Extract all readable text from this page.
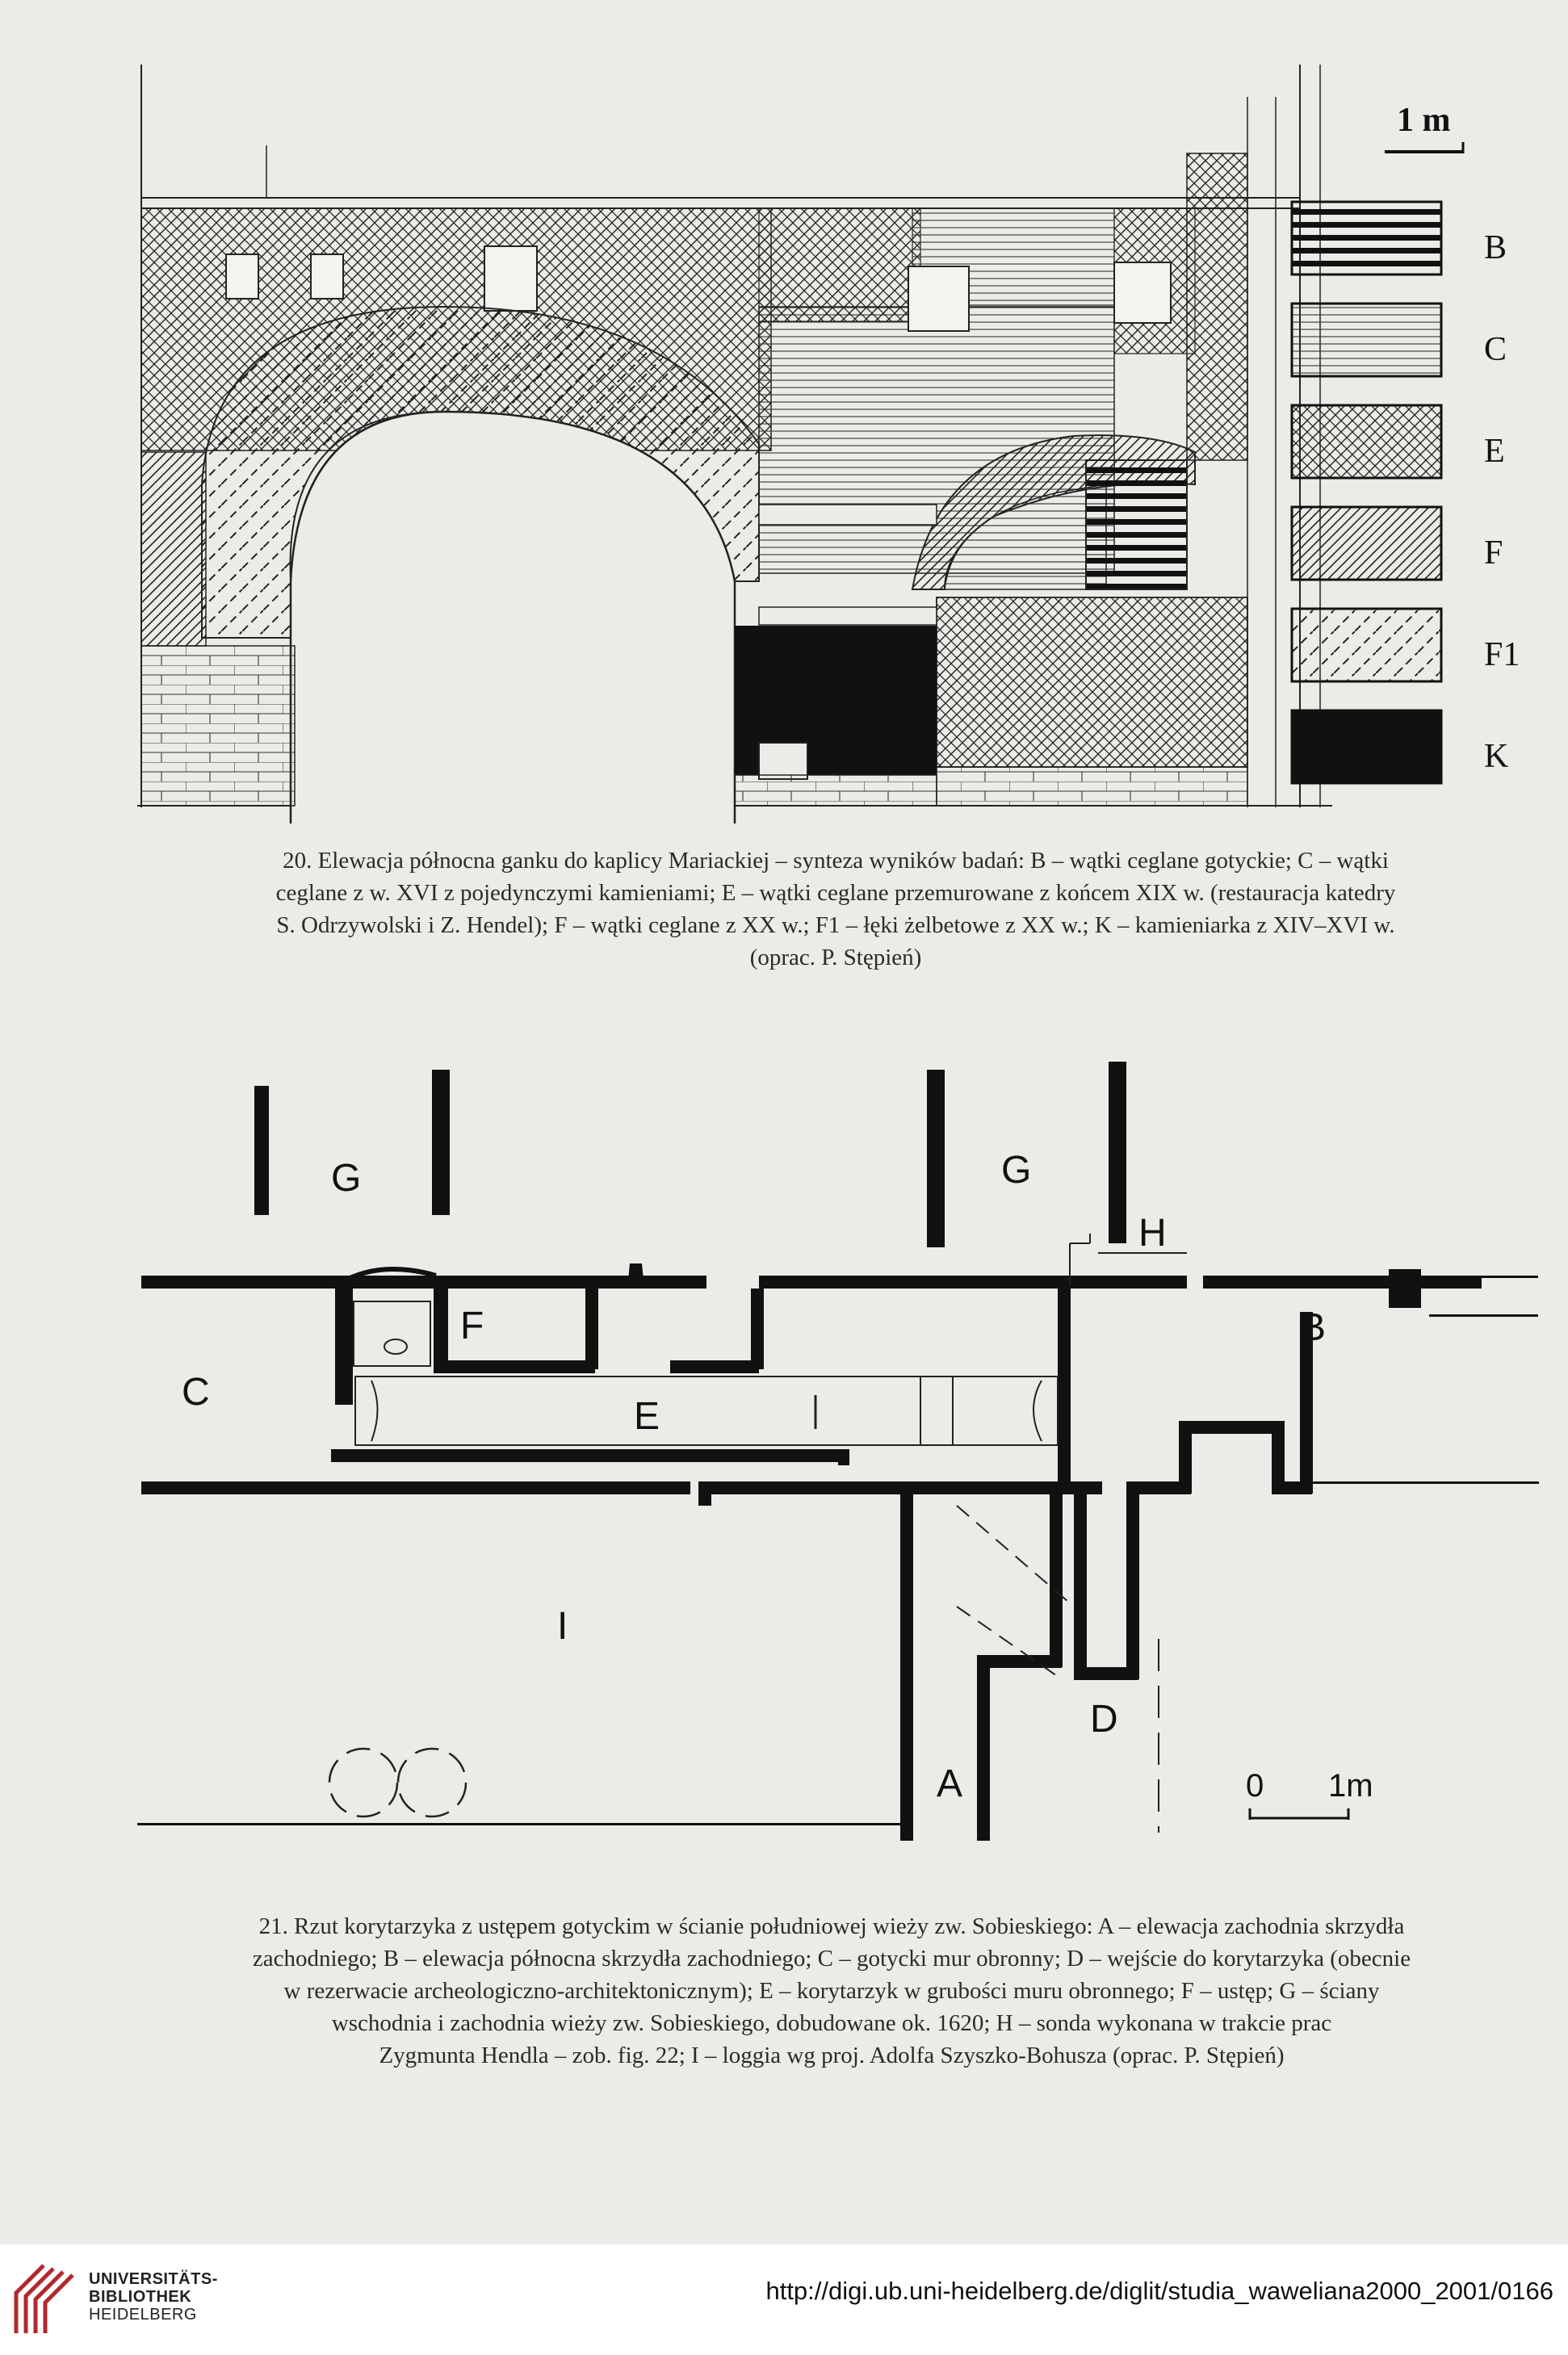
1 m
B
C
E
F
F1
K
20. Elewacja północna ganku do kaplicy Mariackiej – synteza wyników badań: B – wątki ceglane gotyckie; C – wątki
ceglane z w. XVI z pojedynczymi kamieniami; E – wątki ceglane przemurowane z końcem XIX w. (restauracja katedry
S. Odrzywolski i Z. Hendel); F – wątki ceglane z XX w.; F1 – łęki żelbetowe z XX w.; K – kamieniarka z XIV–XVI w.
(oprac. P. Stępień)
G	G
H
F	B
C
E
I
D
A	0 1m
21. Rzut korytarzyka z ustępem gotyckim w ścianie południowej wieży zw. Sobieskiego: A – elewacja zachodnia skrzydła
zachodniego; B – elewacja północna skrzydła zachodniego; C – gotycki mur obronny; D – wejście do korytarzyka (obecnie
w rezerwacie archeologiczno-architektonicznym); E – korytarzyk w grubości muru obronnego; F – ustęp; G – ściany
wschodnia i zachodnia wieży zw. Sobieskiego, dobudowane ok. 1620; H – sonda wykonana w trakcie prac
Zygmunta Hendla – zob. fig. 22; I – loggia wg proj. Adolfa Szyszko-Bohusza (oprac. P. Stępień)
UNIVERSITÄTS-
BIBLIOTHEK
HEIDELBERG
http://digi.ub.uni-heidelberg.de/diglit/studia_waweliana2000_2001/0166
